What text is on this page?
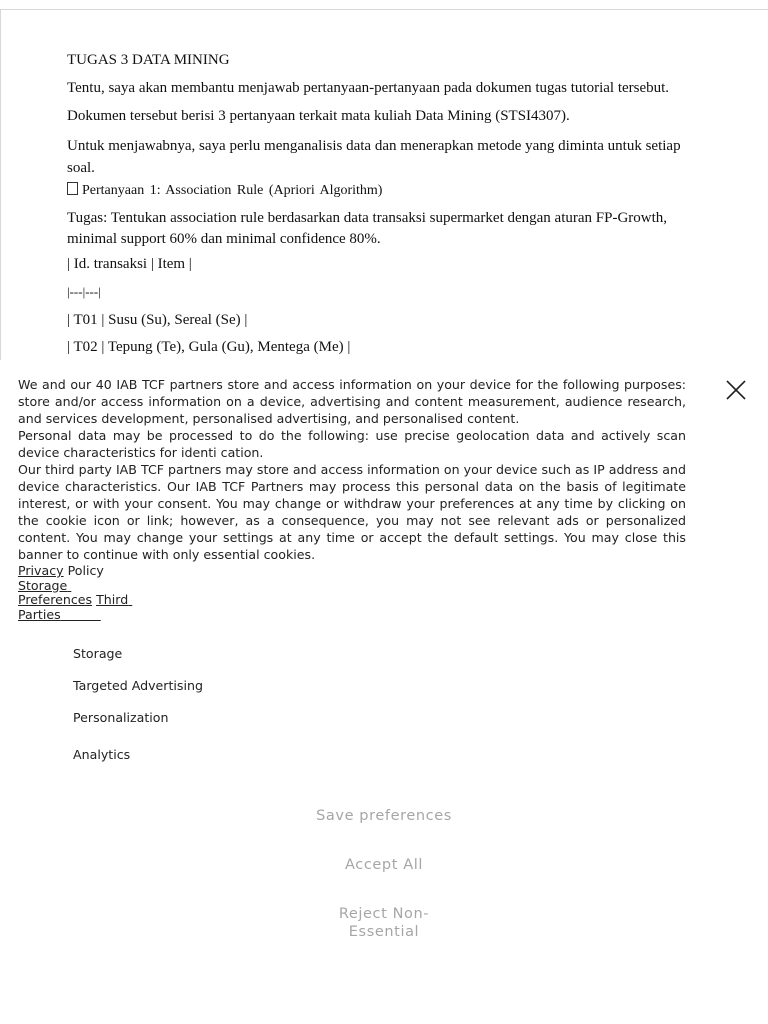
TUGAS 3 DATA MINING

Tentu, saya akan membantu menjawab pertanyaan-pertanyaan pada dokumen tugas tutorial tersebut.

Dokumen tersebut berisi 3 pertanyaan terkait mata kuliah Data Mining (STSI4307).

Untuk menjawabnya, saya perlu menganalisis data dan menerapkan metode yang diminta untuk setiap soal.

Pertanyaan 1: Association Rule (Apriori Algorithm)

Tugas: Tentukan association rule berdasarkan data transaksi supermarket dengan aturan FP-Growth, minimal support 60% dan minimal confidence 80%.

| Id. transaksi | Item |

|---|---|

| T01 | Susu (Su), Sereal (Se) |

| T02 | Tepung (Te), Gula (Gu), Mentega (Me) |

We and our 40 IAB TCF partners store and access information on your device for the following purposes: store and/or access information on a device, advertising and content measurement, audience research, and services development, personalised advertising, and personalised content.

Personal data may be processed to do the following: use precise geolocation data and actively scan device characteristics for identi cation.

Our third party IAB TCF partners may store and access information on your device such as IP address and device characteristics. Our IAB TCF Partners may process this personal data on the basis of legitimate interest, or with your consent. You may change or withdraw your preferences at any time by clicking on the cookie icon or link; however, as a consequence, you may not see relevant ads or personalized content. You may change your settings at any time or accept the default settings. You may close this banner to continue with only essential cookies.

Privacy Policy
Storage
Preferences Third
Parties
Storage
Targeted Advertising
Personalization
Analytics
Save preferences
Accept All
Reject Non-
Essential
